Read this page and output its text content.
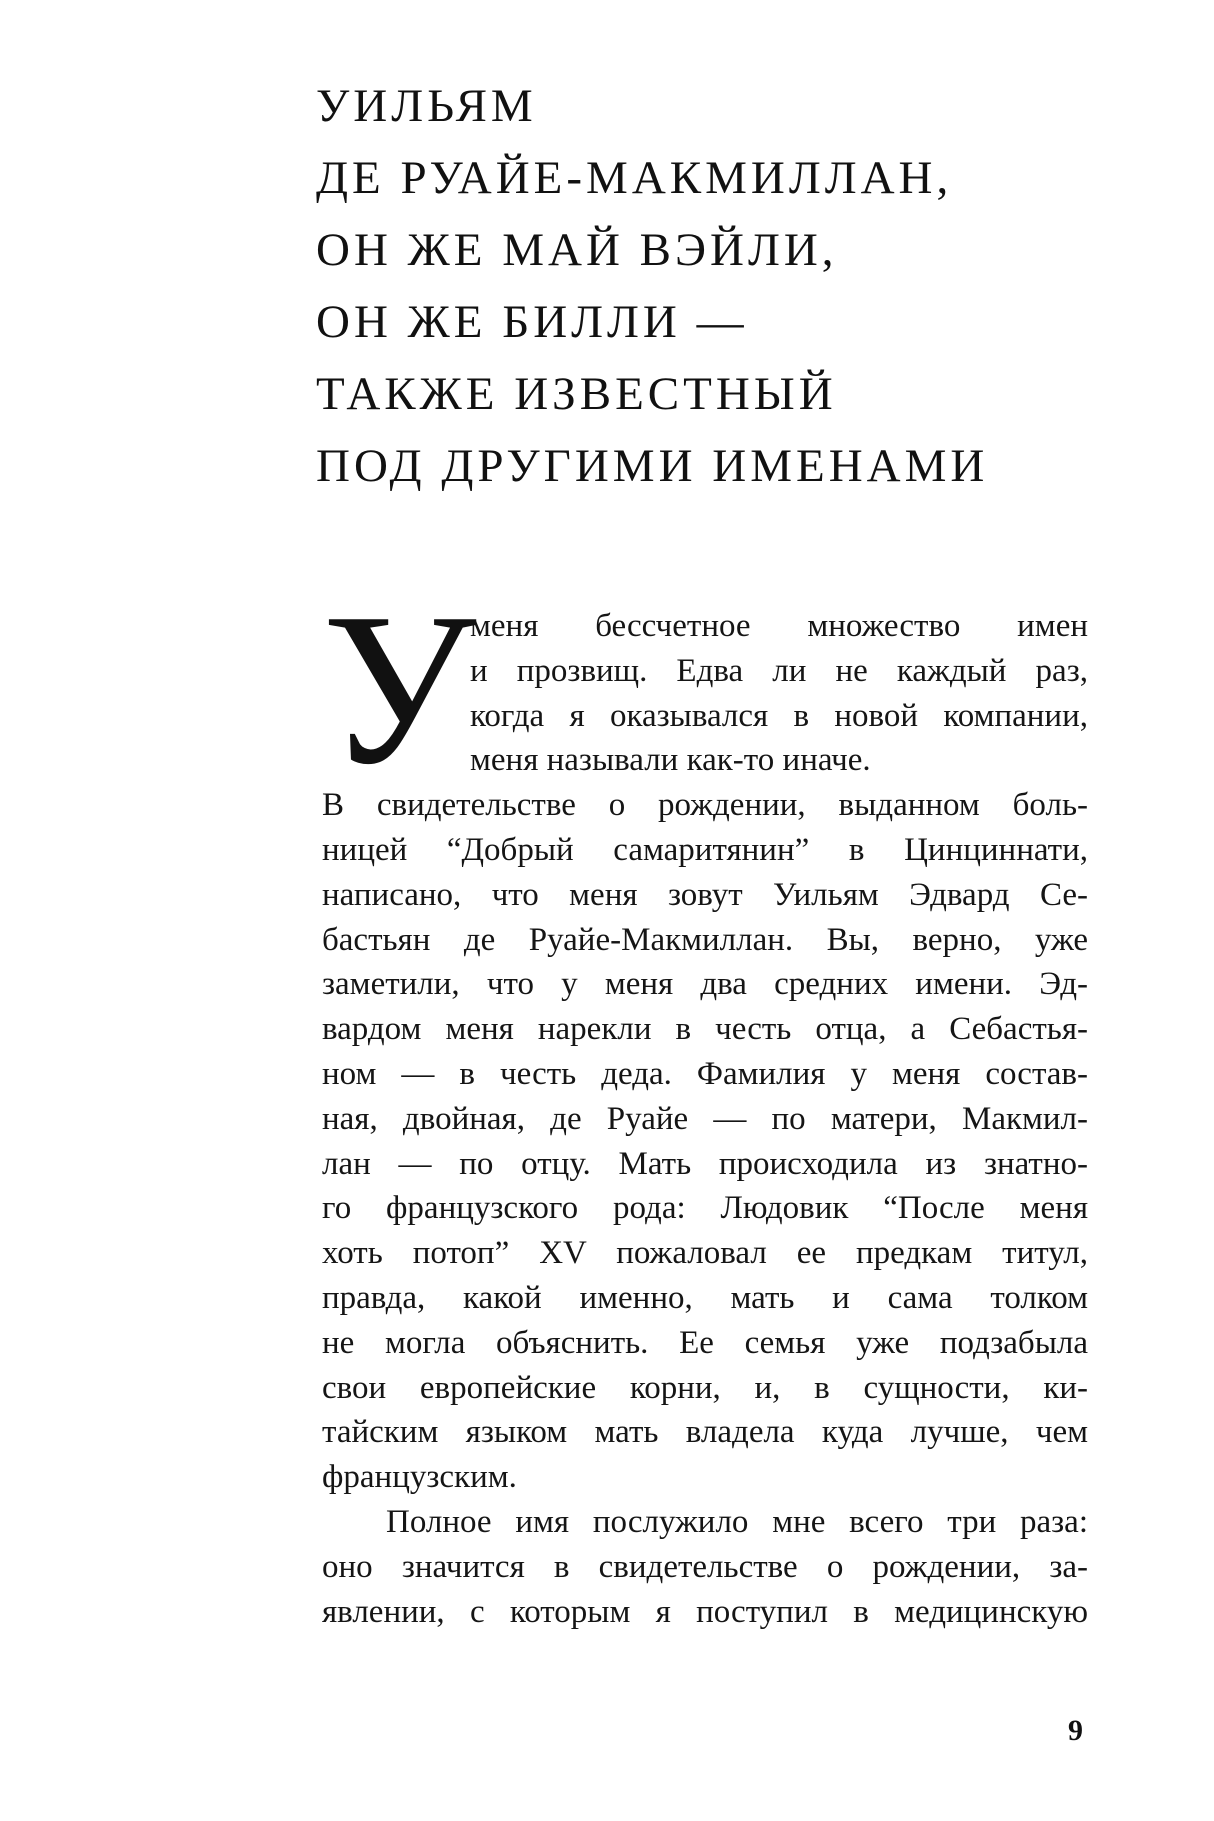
УИЛЬЯМ
ДЕ РУАЙЕ-МАКМИЛЛАН,
ОН ЖЕ МАЙ ВЭЙЛИ,
ОН ЖЕ БИЛЛИ —
ТАКЖЕ ИЗВЕСТНЫЙ
ПОД ДРУГИМИ ИМЕНАМИ
У
меня бессчетное множество имен
и прозвищ. Едва ли не каждый раз,
когда я оказывался в новой компании,
меня называли как-то иначе.
В свидетельстве о рождении, выданном боль-
ницей “Добрый самаритянин” в Цинциннати,
написано, что меня зовут Уильям Эдвард Се-
бастьян де Руайе-Макмиллан. Вы, верно, уже
заметили, что у меня два средних имени. Эд-
вардом меня нарекли в честь отца, а Себастья-
ном — в честь деда. Фамилия у меня состав-
ная, двойная, де Руайе — по матери, Макмил-
лан — по отцу. Мать происходила из знатно-
го французского рода: Людовик “После меня
хоть потоп” XV пожаловал ее предкам титул,
правда, какой именно, мать и сама толком
не могла объяснить. Ее семья уже подзабыла
свои европейские корни, и, в сущности, ки-
тайским языком мать владела куда лучше, чем
французским.
Полное имя послужило мне всего три раза:
оно значится в свидетельстве о рождении, за-
явлении, с которым я поступил в медицинскую
9
